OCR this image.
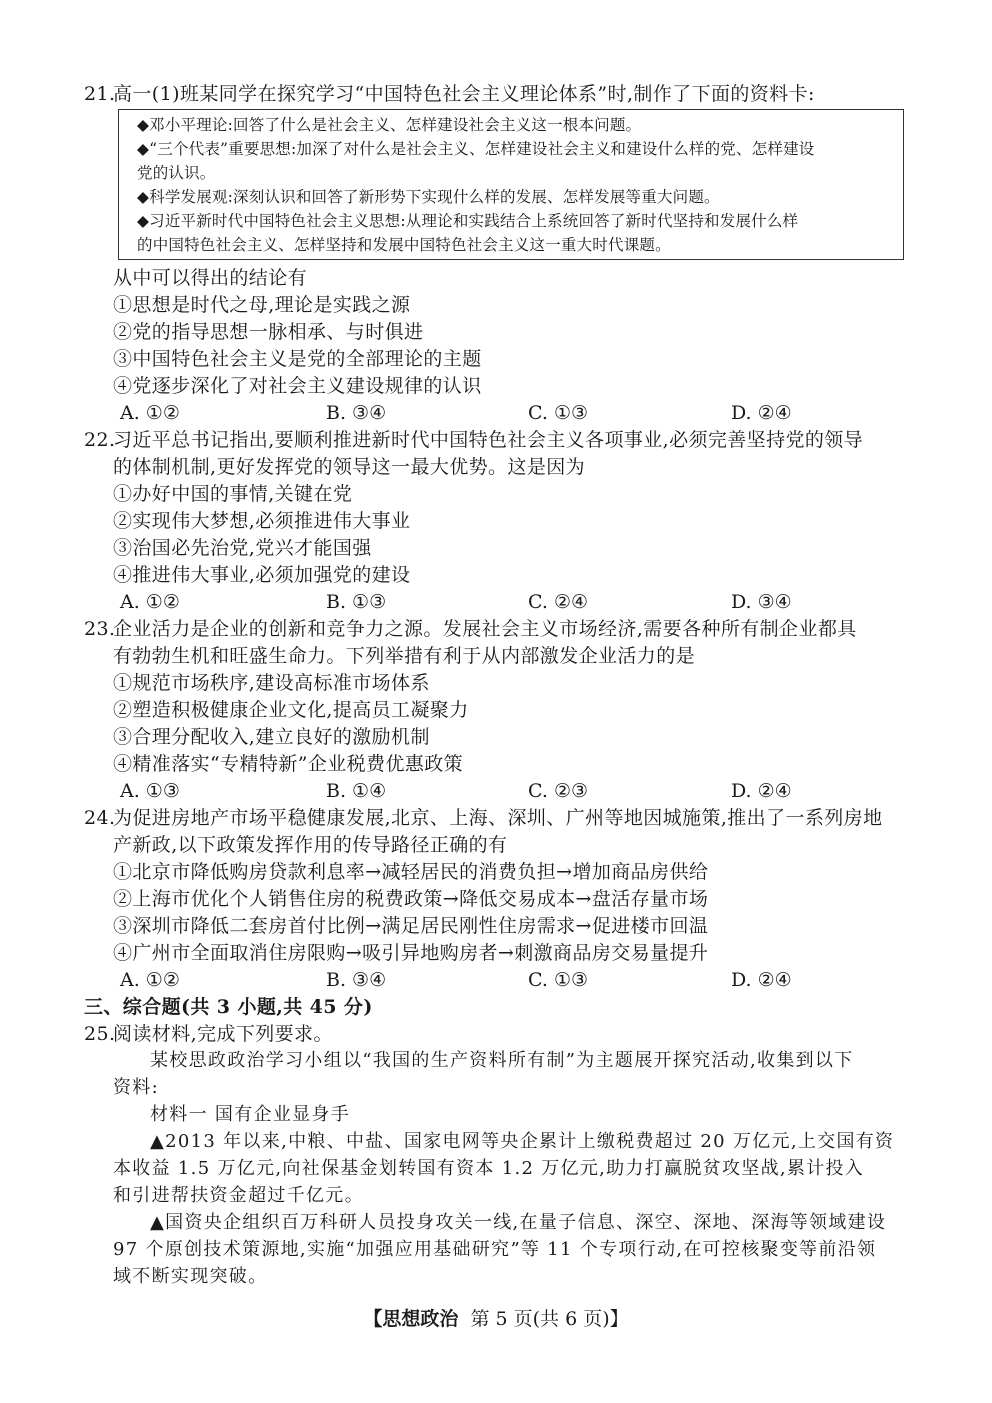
21.
高一(1)班某同学在探究学习“中国特色社会主义理论体系”时,制作了下面的资料卡:
◆邓小平理论:回答了什么是社会主义、怎样建设社会主义这一根本问题。
◆“三个代表”重要思想:加深了对什么是社会主义、怎样建设社会主义和建设什么样的党、怎样建设
党的认识。
◆科学发展观:深刻认识和回答了新形势下实现什么样的发展、怎样发展等重大问题。
◆习近平新时代中国特色社会主义思想:从理论和实践结合上系统回答了新时代坚持和发展什么样
的中国特色社会主义、怎样坚持和发展中国特色社会主义这一重大时代课题。
从中可以得出的结论有
①思想是时代之母,理论是实践之源
②党的指导思想一脉相承、与时俱进
③中国特色社会主义是党的全部理论的主题
④党逐步深化了对社会主义建设规律的认识
A. ①②	B. ③④	C. ①③	D. ②④
22.
习近平总书记指出,要顺利推进新时代中国特色社会主义各项事业,必须完善坚持党的领导
的体制机制,更好发挥党的领导这一最大优势。这是因为
①办好中国的事情,关键在党
②实现伟大梦想,必须推进伟大事业
③治国必先治党,党兴才能国强
④推进伟大事业,必须加强党的建设
A. ①②	B. ①③	C. ②④	D. ③④
23.
企业活力是企业的创新和竞争力之源。发展社会主义市场经济,需要各种所有制企业都具
有勃勃生机和旺盛生命力。下列举措有利于从内部激发企业活力的是
①规范市场秩序,建设高标准市场体系
②塑造积极健康企业文化,提高员工凝聚力
③合理分配收入,建立良好的激励机制
④精准落实“专精特新”企业税费优惠政策
A. ①③	B. ①④	C. ②③	D. ②④
24.
为促进房地产市场平稳健康发展,北京、上海、深圳、广州等地因城施策,推出了一系列房地
产新政,以下政策发挥作用的传导路径正确的有
①北京市降低购房贷款利息率→减轻居民的消费负担→增加商品房供给
②上海市优化个人销售住房的税费政策→降低交易成本→盘活存量市场
③深圳市降低二套房首付比例→满足居民刚性住房需求→促进楼市回温
④广州市全面取消住房限购→吸引异地购房者→刺激商品房交易量提升
A. ①②	B. ③④	C. ①③	D. ②④
三、综合题(共 3 小题,共 45 分)
25.
阅读材料,完成下列要求。
某校思政政治学习小组以“我国的生产资料所有制”为主题展开探究活动,收集到以下
资料:
材料一 国有企业显身手
▲2013 年以来,中粮、中盐、国家电网等央企累计上缴税费超过 20 万亿元,上交国有资
本收益 1.5 万亿元,向社保基金划转国有资本 1.2 万亿元,助力打赢脱贫攻坚战,累计投入
和引进帮扶资金超过千亿元。
▲国资央企组织百万科研人员投身攻关一线,在量子信息、深空、深地、深海等领域建设
97 个原创技术策源地,实施“加强应用基础研究”等 11 个专项行动,在可控核聚变等前沿领
域不断实现突破。
【思想政治 第 5 页(共 6 页)】
